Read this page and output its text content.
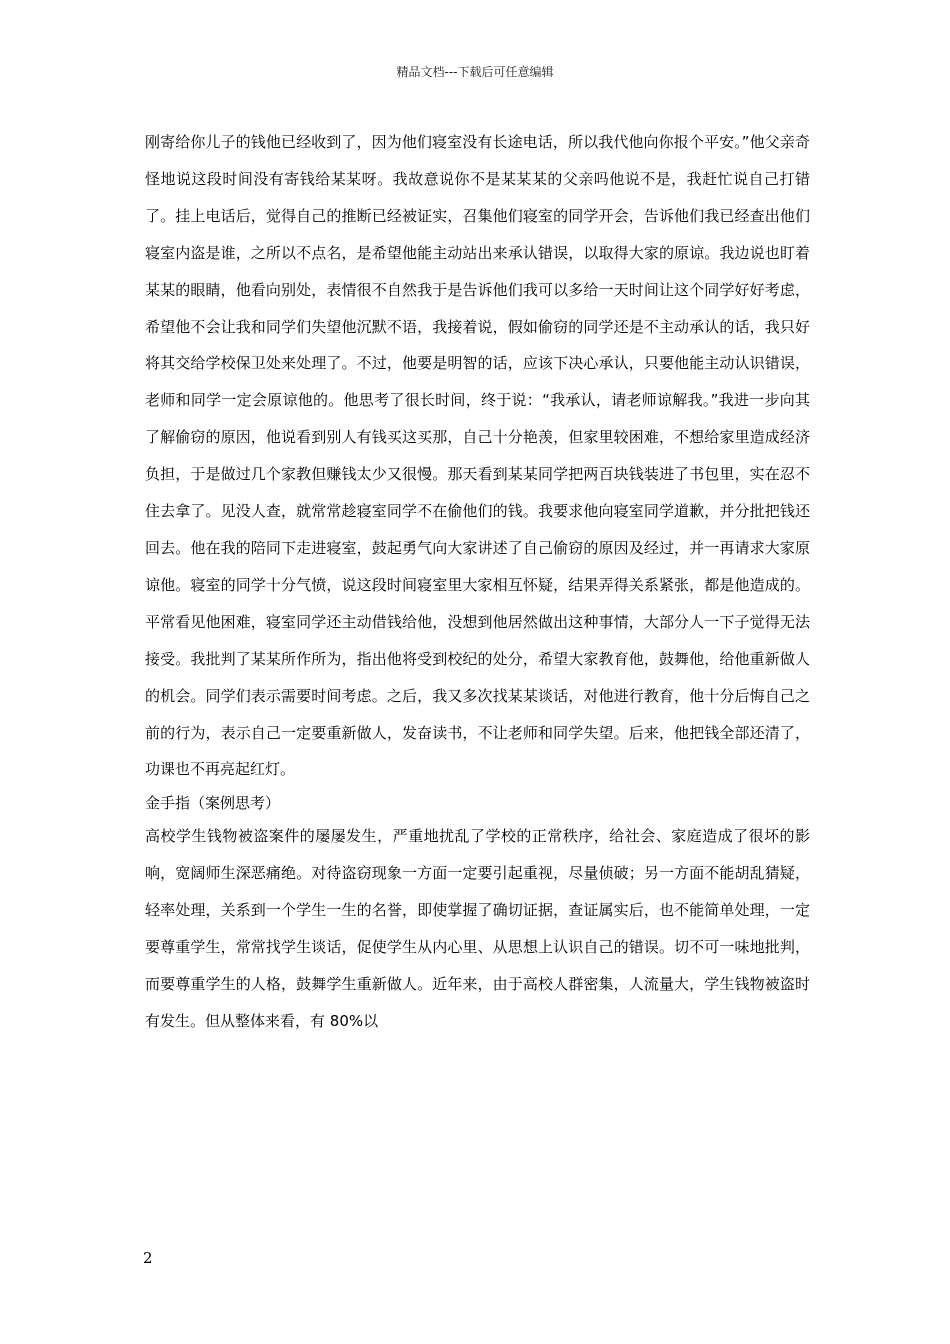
精品文档---下载后可任意编辑

刚寄给你儿子的钱他已经收到了，因为他们寝室没有长途电话，所以我代他向你报个平安。”他父亲奇怪地说这段时间没有寄钱给某某呀。我故意说你不是某某某的父亲吗他说不是，我赶忙说自己打错了。挂上电话后，觉得自己的推断已经被证实，召集他们寝室的同学开会，告诉他们我已经查出他们寝室内盗是谁，之所以不点名，是希望他能主动站出来承认错误，以取得大家的原谅。我边说也盯着某某的眼睛，他看向别处，表情很不自然我于是告诉他们我可以多给一天时间让这个同学好好考虑，希望他不会让我和同学们失望他沉默不语，我接着说，假如偷窃的同学还是不主动承认的话，我只好将其交给学校保卫处来处理了。不过，他要是明智的话，应该下决心承认，只要他能主动认识错误，老师和同学一定会原谅他的。他思考了很长时间，终于说：“我承认，请老师谅解我。”我进一步向其了解偷窃的原因，他说看到别人有钱买这买那，自己十分艳羡，但家里较困难，不想给家里造成经济负担，于是做过几个家教但赚钱太少又很慢。那天看到某某同学把两百块钱装进了书包里，实在忍不住去拿了。见没人查，就常常趁寝室同学不在偷他们的钱。我要求他向寝室同学道歉，并分批把钱还回去。他在我的陪同下走进寝室，鼓起勇气向大家讲述了自己偷窃的原因及经过，并一再请求大家原谅他。寝室的同学十分气愤，说这段时间寝室里大家相互怀疑，结果弄得关系紧张，都是他造成的。平常看见他困难，寝室同学还主动借钱给他，没想到他居然做出这种事情，大部分人一下子觉得无法接受。我批判了某某所作所为，指出他将受到校纪的处分，希望大家教育他，鼓舞他，给他重新做人的机会。同学们表示需要时间考虑。之后，我又多次找某某谈话，对他进行教育，他十分后悔自己之前的行为，表示自己一定要重新做人，发奋读书，不让老师和同学失望。后来，他把钱全部还清了，功课也不再亮起红灯。

金手指（案例思考）

高校学生钱物被盗案件的屡屡发生，严重地扰乱了学校的正常秩序，给社会、家庭造成了很坏的影响，宽阔师生深恶痛绝。对待盗窃现象一方面一定要引起重视，尽量侦破；另一方面不能胡乱猜疑，轻率处理，关系到一个学生一生的名誉，即使掌握了确切证据，查证属实后，也不能简单处理，一定要尊重学生，常常找学生谈话，促使学生从内心里、从思想上认识自己的错误。切不可一味地批判，而要尊重学生的人格，鼓舞学生重新做人。近年来，由于高校人群密集，人流量大，学生钱物被盗时有发生。但从整体来看，有 80%以

2
